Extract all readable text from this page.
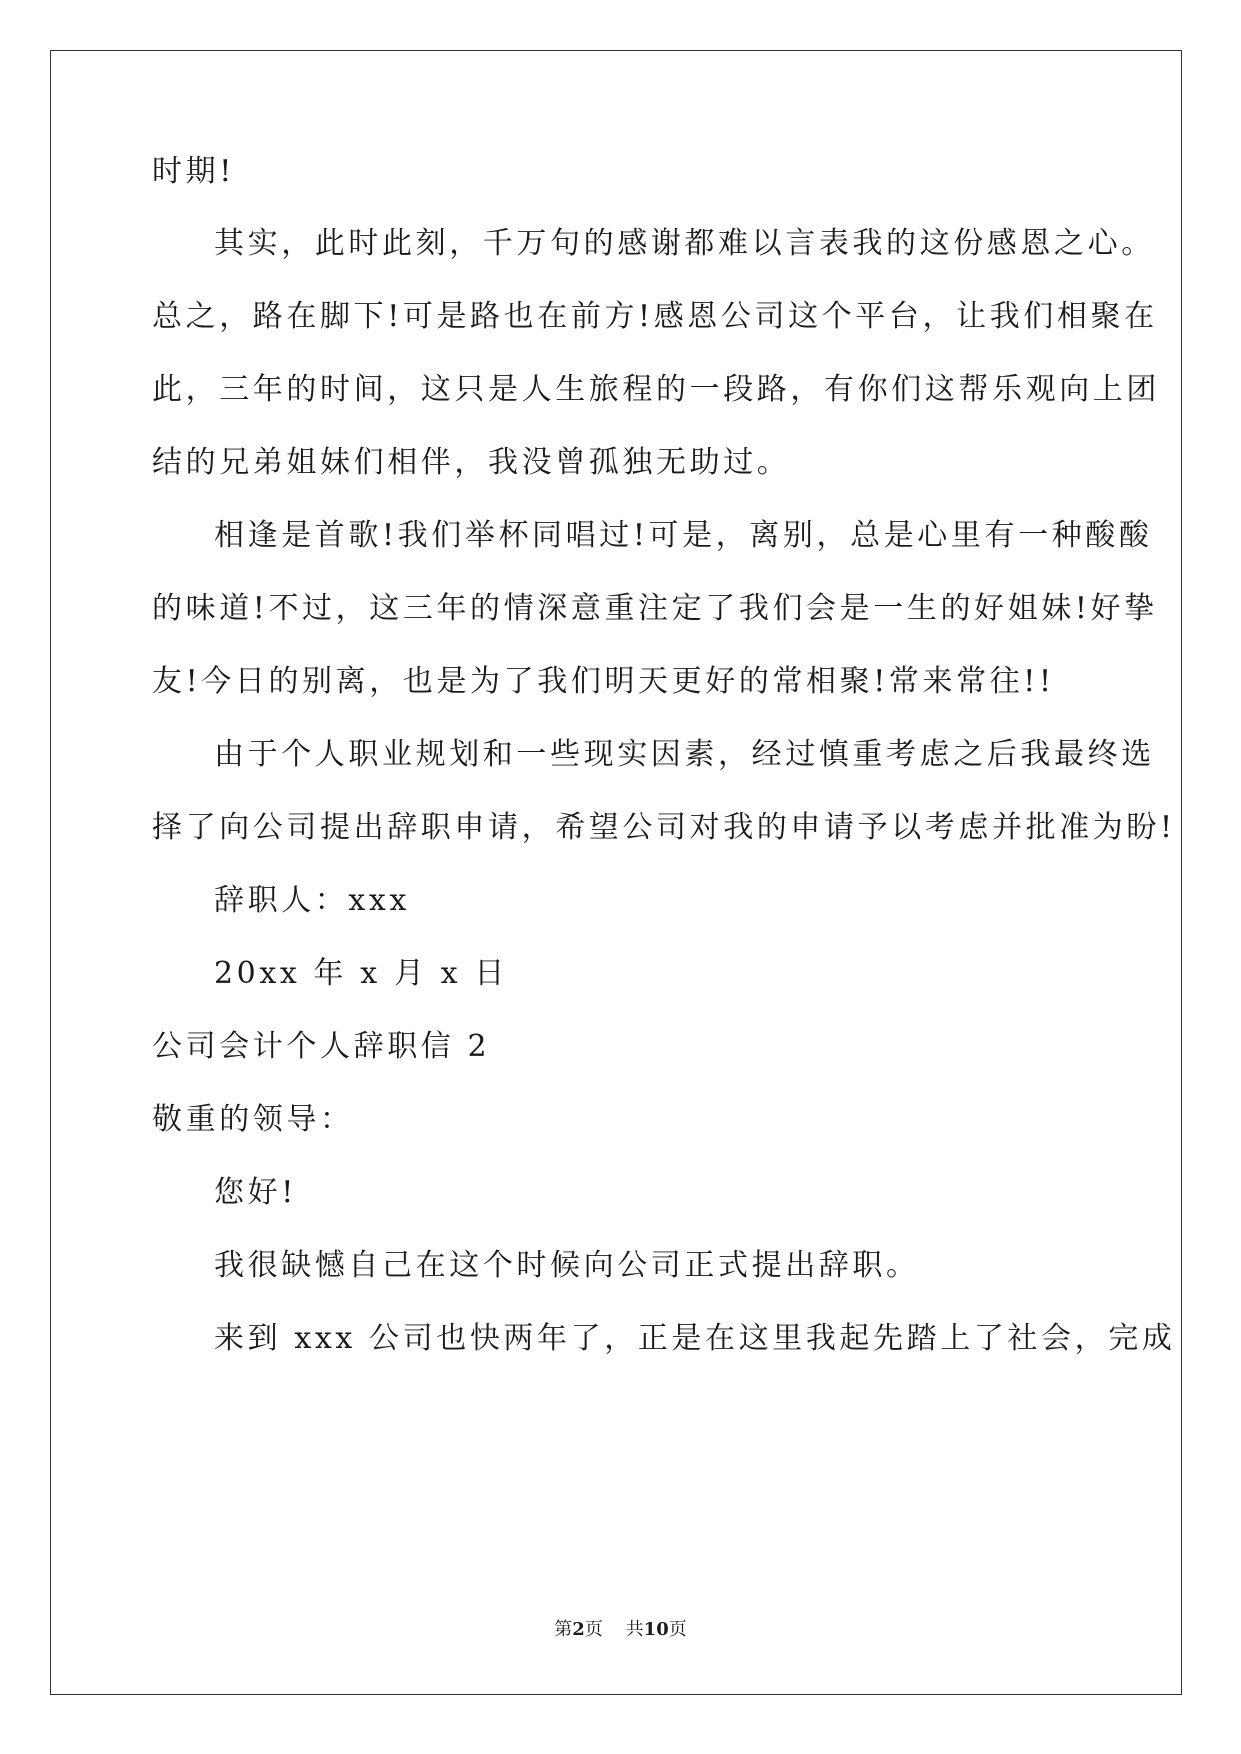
时期!
其实，此时此刻，千万句的感谢都难以言表我的这份感恩之心。
总之，路在脚下!可是路也在前方!感恩公司这个平台，让我们相聚在
此，三年的时间，这只是人生旅程的一段路，有你们这帮乐观向上团
结的兄弟姐妹们相伴，我没曾孤独无助过。
相逢是首歌!我们举杯同唱过!可是，离别，总是心里有一种酸酸
的味道!不过，这三年的情深意重注定了我们会是一生的好姐妹!好挚
友!今日的别离，也是为了我们明天更好的常相聚!常来常往!!
由于个人职业规划和一些现实因素，经过慎重考虑之后我最终选
择了向公司提出辞职申请，希望公司对我的申请予以考虑并批准为盼!
辞职人：xxx
20xx 年 x 月 x 日
公司会计个人辞职信 2
敬重的领导：
您好!
我很缺憾自己在这个时候向公司正式提出辞职。
来到 xxx 公司也快两年了，正是在这里我起先踏上了社会，完成
第2页 共10页
